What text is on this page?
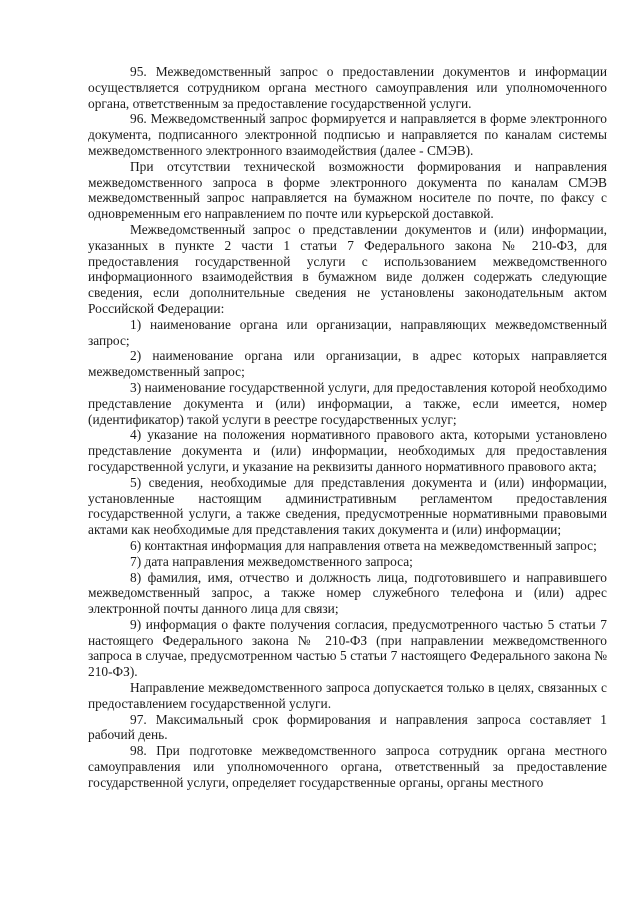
95. Межведомственный запрос о предоставлении документов и информации осуществляется сотрудником органа местного самоуправления или уполномоченного органа, ответственным за предоставление государственной услуги.

96. Межведомственный запрос формируется и направляется в форме электронного документа, подписанного электронной подписью и направляется по каналам системы межведомственного электронного взаимодействия (далее - СМЭВ).

При отсутствии технической возможности формирования и направления межведомственного запроса в форме электронного документа по каналам СМЭВ межведомственный запрос направляется на бумажном носителе по почте, по факсу с одновременным его направлением по почте или курьерской доставкой.

Межведомственный запрос о представлении документов и (или) информации, указанных в пункте 2 части 1 статьи 7 Федерального закона № 210-ФЗ, для предоставления государственной услуги с использованием межведомственного информационного взаимодействия в бумажном виде должен содержать следующие сведения, если дополнительные сведения не установлены законодательным актом Российской Федерации:

1) наименование органа или организации, направляющих межведомственный запрос;

2) наименование органа или организации, в адрес которых направляется межведомственный запрос;

3) наименование государственной услуги, для предоставления которой необходимо представление документа и (или) информации, а также, если имеется, номер (идентификатор) такой услуги в реестре государственных услуг;

4) указание на положения нормативного правового акта, которыми установлено представление документа и (или) информации, необходимых для предоставления государственной услуги, и указание на реквизиты данного нормативного правового акта;

5) сведения, необходимые для представления документа и (или) информации, установленные настоящим административным регламентом предоставления государственной услуги, а также сведения, предусмотренные нормативными правовыми актами как необходимые для представления таких документа и (или) информации;

6) контактная информация для направления ответа на межведомственный запрос;

7) дата направления межведомственного запроса;

8) фамилия, имя, отчество и должность лица, подготовившего и направившего межведомственный запрос, а также номер служебного телефона и (или) адрес электронной почты данного лица для связи;

9) информация о факте получения согласия, предусмотренного частью 5 статьи 7 настоящего Федерального закона № 210-ФЗ (при направлении межведомственного запроса в случае, предусмотренном частью 5 статьи 7 настоящего Федерального закона № 210-ФЗ).

Направление межведомственного запроса допускается только в целях, связанных с предоставлением государственной услуги.

97. Максимальный срок формирования и направления запроса составляет 1 рабочий день.

98. При подготовке межведомственного запроса сотрудник органа местного самоуправления или уполномоченного органа, ответственный за предоставление государственной услуги, определяет государственные органы, органы местного
